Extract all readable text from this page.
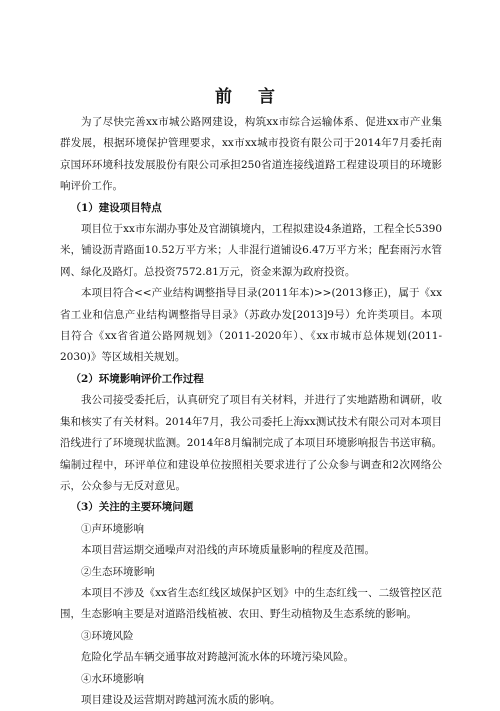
前 言

为了尽快完善xx市城公路网建设，构筑xx市综合运输体系、促进xx市产业集群发展，根据环境保护管理要求，xx市xx城市投资有限公司于2014年7月委托南京国环环境科技发展股份有限公司承担250省道连接线道路工程建设项目的环境影响评价工作。

（1）建设项目特点

项目位于xx市东湖办事处及官湖镇境内，工程拟建设4条道路，工程全长5390米，铺设沥青路面10.52万平方米；人非混行道铺设6.47万平方米；配套雨污水管网、绿化及路灯。总投资7572.81万元，资金来源为政府投资。

本项目符合<<产业结构调整指导目录(2011年本)>>(2013修正)，属于《xx省工业和信息产业结构调整指导目录》（苏政办发[2013]9号）允许类项目。本项目符合《xx省省道公路网规划》（2011-2020年）、《xx市城市总体规划(2011-2030)》等区域相关规划。

（2）环境影响评价工作过程

我公司接受委托后，认真研究了项目有关材料，并进行了实地踏勘和调研，收集和核实了有关材料。2014年7月，我公司委托上海xx测试技术有限公司对本项目沿线进行了环境现状监测。2014年8月编制完成了本项目环境影响报告书送审稿。编制过程中，环评单位和建设单位按照相关要求进行了公众参与调查和2次网络公示，公众参与无反对意见。

（3）关注的主要环境问题

①声环境影响

本项目营运期交通噪声对沿线的声环境质量影响的程度及范围。

②生态环境影响

本项目不涉及《xx省生态红线区域保护区划》中的生态红线一、二级管控区范围，生态影响主要是对道路沿线植被、农田、野生动植物及生态系统的影响。

③环境风险

危险化学品车辆交通事故对跨越河流水体的环境污染风险。

④水环境影响

项目建设及运营期对跨越河流水质的影响。
